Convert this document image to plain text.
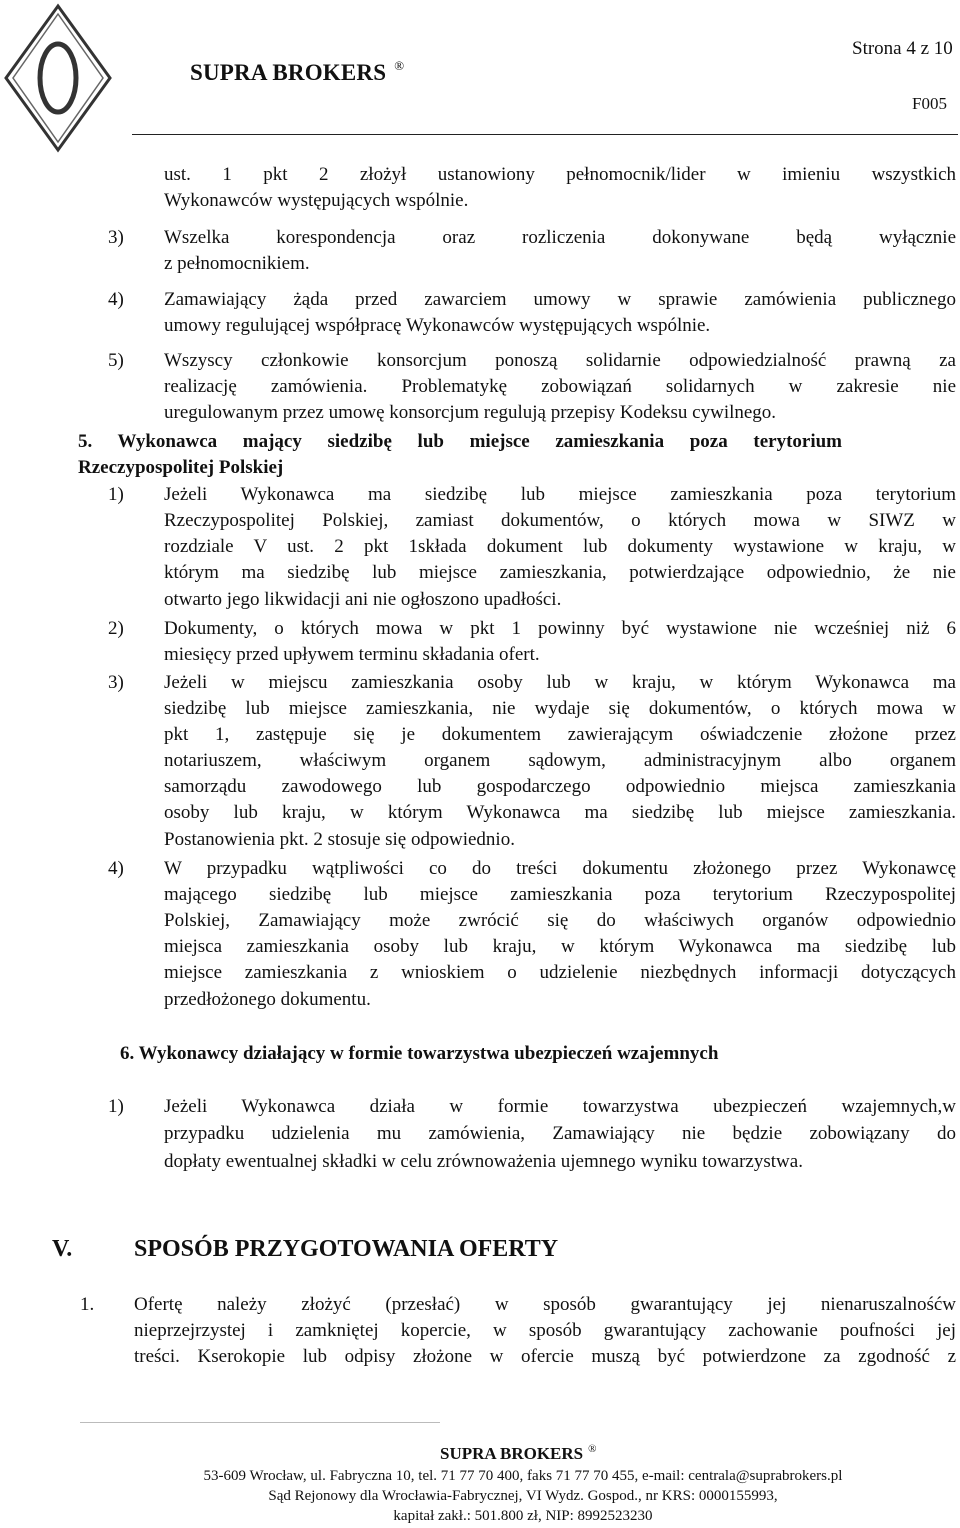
SUPRA BROKERS ®
Strona 4 z 10
F005
ust. 1 pkt 2 złożył ustanowiony pełnomocnik/lider w imieniu wszystkich
Wykonawców występujących wspólnie.
3) Wszelka korespondencja oraz rozliczenia dokonywane będą wyłącznie
z pełnomocnikiem.
4) Zamawiający żąda przed zawarciem umowy w sprawie zamówienia publicznego
umowy regulującej współpracę Wykonawców występujących wspólnie.
5) Wszyscy członkowie konsorcjum ponoszą solidarnie odpowiedzialność prawną za
realizację zamówienia. Problematykę zobowiązań solidarnych w zakresie nie
uregulowanym przez umowę konsorcjum regulują przepisy Kodeksu cywilnego.
5. Wykonawca mający siedzibę lub miejsce zamieszkania poza terytorium
Rzeczypospolitej Polskiej
1) Jeżeli Wykonawca ma siedzibę lub miejsce zamieszkania poza terytorium
Rzeczypospolitej Polskiej, zamiast dokumentów, o których mowa w SIWZ w
rozdziale V ust. 2 pkt 1składa dokument lub dokumenty wystawione w kraju, w
którym ma siedzibę lub miejsce zamieszkania, potwierdzające odpowiednio, że nie
otwarto jego likwidacji ani nie ogłoszono upadłości.
2) Dokumenty, o których mowa w pkt 1 powinny być wystawione nie wcześniej niż 6
miesięcy przed upływem terminu składania ofert.
3) Jeżeli w miejscu zamieszkania osoby lub w kraju, w którym Wykonawca ma
siedzibę lub miejsce zamieszkania, nie wydaje się dokumentów, o których mowa w
pkt 1, zastępuje się je dokumentem zawierającym oświadczenie złożone przez
notariuszem, właściwym organem sądowym, administracyjnym albo organem
samorządu zawodowego lub gospodarczego odpowiednio miejsca zamieszkania
osoby lub kraju, w którym Wykonawca ma siedzibę lub miejsce zamieszkania.
Postanowienia pkt. 2 stosuje się odpowiednio.
4) W przypadku wątpliwości co do treści dokumentu złożonego przez Wykonawcę
mającego siedzibę lub miejsce zamieszkania poza terytorium Rzeczypospolitej
Polskiej, Zamawiający może zwrócić się do właściwych organów odpowiednio
miejsca zamieszkania osoby lub kraju, w którym Wykonawca ma siedzibę lub
miejsce zamieszkania z wnioskiem o udzielenie niezbędnych informacji dotyczących
przedłożonego dokumentu.
6. Wykonawcy działający w formie towarzystwa ubezpieczeń wzajemnych
1) Jeżeli Wykonawca działa w formie towarzystwa ubezpieczeń wzajemnych,w
przypadku udzielenia mu zamówienia, Zamawiający nie będzie zobowiązany do
dopłaty ewentualnej składki w celu zrównoważenia ujemnego wyniku towarzystwa.
V.	SPOSÓB PRZYGOTOWANIA OFERTY
1. Ofertę należy złożyć (przesłać) w sposób gwarantujący jej nienaruszalnośćw
nieprzejrzystej i zamkniętej kopercie, w sposób gwarantujący zachowanie poufności jej
treści. Kserokopie lub odpisy złożone w ofercie muszą być potwierdzone za zgodność z
SUPRA BROKERS ®
53-609 Wrocław, ul. Fabryczna 10, tel. 71 77 70 400, faks 71 77 70 455, e-mail: centrala@suprabrokers.pl
Sąd Rejonowy dla Wrocławia-Fabrycznej, VI Wydz. Gospod., nr KRS: 0000155993,
kapitał zakł.: 501.800 zł, NIP: 8992523230
